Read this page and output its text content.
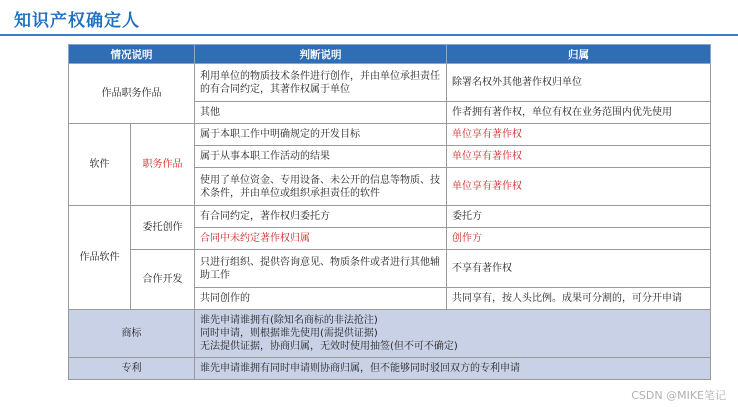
知识产权确定人
情况说明		判断说明	归属
作品职务作品		利用单位的物质技术条件进行创作，并由单位承担责任的有合同约定，其著作权属于单位	除署名权外其他著作权归单位
		其他	作者拥有著作权，单位有权在业务范围内优先使用
软件	职务作品	属于本职工作中明确规定的开发目标	单位享有著作权
		属于从事本职工作活动的结果	单位享有著作权
		使用了单位资金、专用设备、未公开的信息等物质、技术条件，并由单位或组织承担责任的软件	单位享有著作权
作品软件	委托创作	有合同约定，著作权归委托方	委托方
		合同中未约定著作权归属	创作方
	合作开发	只进行组织、提供咨询意见、物质条件或者进行其他辅助工作	不享有著作权
		共同创作的	共同享有，按人头比例。成果可分割的，可分开申请
商标		谁先申请谁拥有(除知名商标的非法抢注)
同时申请，则根据谁先使用(需提供证据)
无法提供证据，协商归属，无效时使用抽签(但不可不确定)	

专利		谁先申请谁拥有同时申请则协商归属，但不能够同时驳回双方的专利申请	
CSDN @MIKE笔记
